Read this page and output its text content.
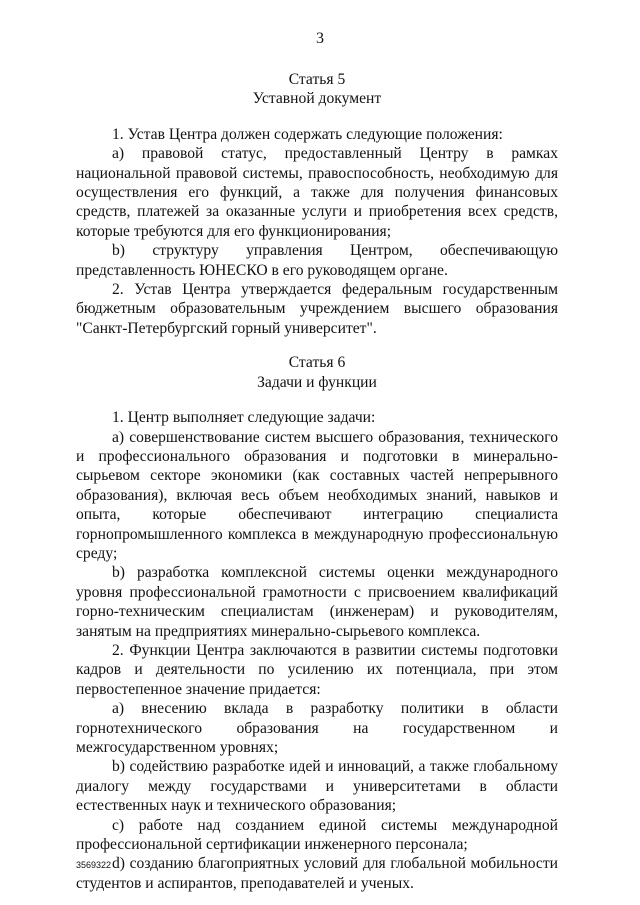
3
Статья 5
Уставной документ

1. Устав Центра должен содержать следующие положения:

a) правовой статус, предоставленный Центру в рамках национальной правовой системы, правоспособность, необходимую для осуществления его функций, а также для получения финансовых средств, платежей за оказанные услуги и приобретения всех средств, которые требуются для его функционирования;

b) структуру управления Центром, обеспечивающую представленность ЮНЕСКО в его руководящем органе.

2. Устав Центра утверждается федеральным государственным бюджетным образовательным учреждением высшего образования "Санкт-Петербургский горный университет".

Статья 6
Задачи и функции

1. Центр выполняет следующие задачи:

a) совершенствование систем высшего образования, технического и профессионального образования и подготовки в минерально-сырьевом секторе экономики (как составных частей непрерывного образования), включая весь объем необходимых знаний, навыков и опыта, которые обеспечивают интеграцию специалиста горнопромышленного комплекса в международную профессиональную среду;

b) разработка комплексной системы оценки международного уровня профессиональной грамотности с присвоением квалификаций горно-техническим специалистам (инженерам) и руководителям, занятым на предприятиях минерально-сырьевого комплекса.

2. Функции Центра заключаются в развитии системы подготовки кадров и деятельности по усилению их потенциала, при этом первостепенное значение придается:

a) внесению вклада в разработку политики в области горнотехнического образования на государственном и межгосударственном уровнях;

b) содействию разработке идей и инноваций, а также глобальному диалогу между государствами и университетами в области естественных наук и технического образования;

c) работе над созданием единой системы международной профессиональной сертификации инженерного персонала;

d) созданию благоприятных условий для глобальной мобильности студентов и аспирантов, преподавателей и ученых.

3569322
